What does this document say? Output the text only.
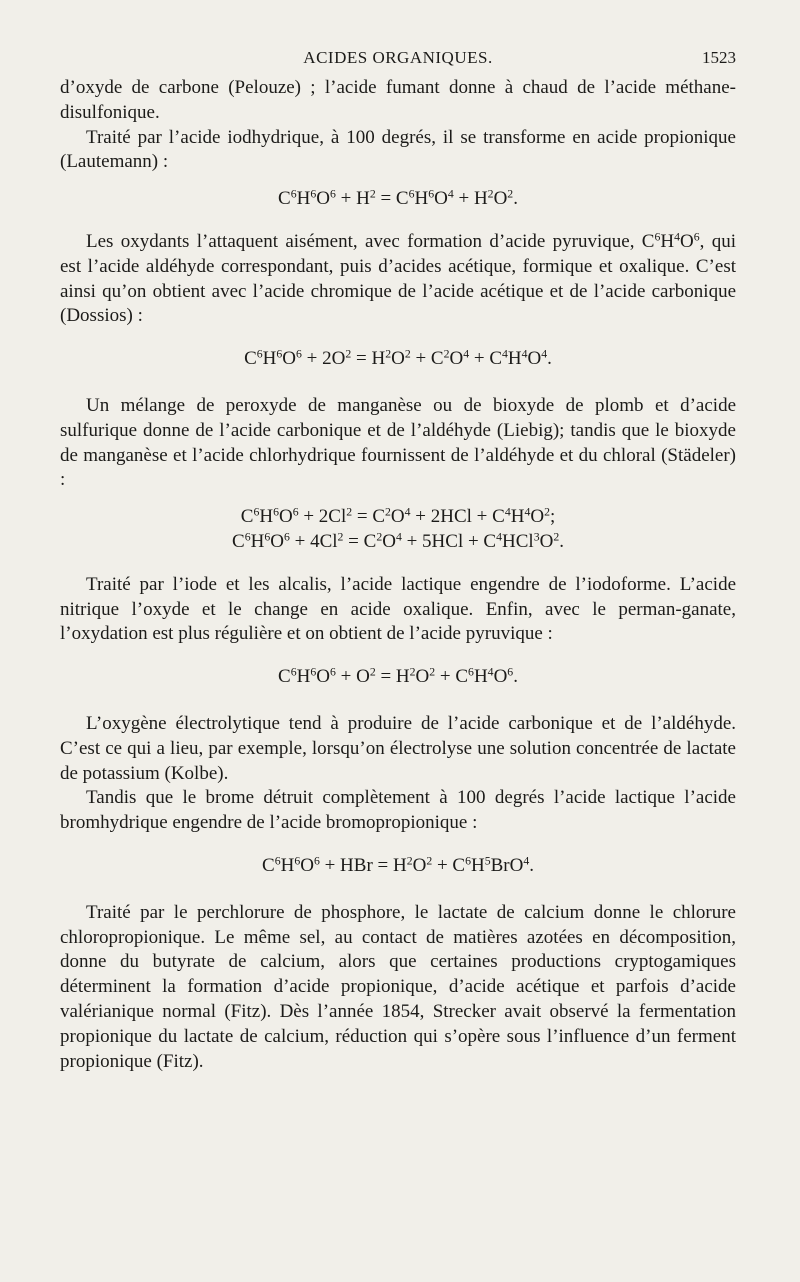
ACIDES ORGANIQUES.	1523

d’oxyde de carbone (Pelouze) ; l’acide fumant donne à chaud de l’acide méthane-disulfonique.

Traité par l’acide iodhydrique, à 100 degrés, il se transforme en acide propionique (Lautemann) :

$C^6H^6O^6 + H^2 = C^6H^6O^4 + H^2O^2$.

Les oxydants l’attaquent aisément, avec formation d’acide pyruvique, $C^6H^4O^6$, qui est l’acide aldéhyde correspondant, puis d’acides acétique, formique et oxalique. C’est ainsi qu’on obtient avec l’acide chromique de l’acide acétique et de l’acide carbonique (Dossios) :

$C^6H^6O^6 + 2O^2 = H^2O^2 + C^2O^4 + C^4H^4O^4$.

Un mélange de peroxyde de manganèse ou de bioxyde de plomb et d’acide sulfurique donne de l’acide carbonique et de l’aldéhyde (Liebig); tandis que le bioxyde de manganèse et l’acide chlorhydrique fournissent de l’aldéhyde et du chloral (Städeler) :

$C^6H^6O^6 + 2Cl^2 = C^2O^4 + 2HCl + C^4H^4O^2$;

$C^6H^6O^6 + 4Cl^2 = C^2O^4 + 5HCl + C^4HCl^3O^2$.

Traité par l’iode et les alcalis, l’acide lactique engendre de l’iodoforme. L’acide nitrique l’oxyde et le change en acide oxalique. Enfin, avec le perman-ganate, l’oxydation est plus régulière et on obtient de l’acide pyruvique :

$C^6H^6O^6 + O^2 = H^2O^2 + C^6H^4O^6$.

L’oxygène électrolytique tend à produire de l’acide carbonique et de l’aldéhyde. C’est ce qui a lieu, par exemple, lorsqu’on électrolyse une solution concentrée de lactate de potassium (Kolbe).

Tandis que le brome détruit complètement à 100 degrés l’acide lactique l’acide bromhydrique engendre de l’acide bromopropionique :

$C^6H^6O^6$ + HBr = $H^2O^2 + C^6H^5BrO^4$.

Traité par le perchlorure de phosphore, le lactate de calcium donne le chlorure chloropropionique. Le même sel, au contact de matières azotées en décomposition, donne du butyrate de calcium, alors que certaines productions cryptogamiques déterminent la formation d’acide propionique, d’acide acétique et parfois d’acide valérianique normal (Fitz). Dès l’année 1854, Strecker avait observé la fermentation propionique du lactate de calcium, réduction qui s’opère sous l’influence d’un ferment propionique (Fitz).
